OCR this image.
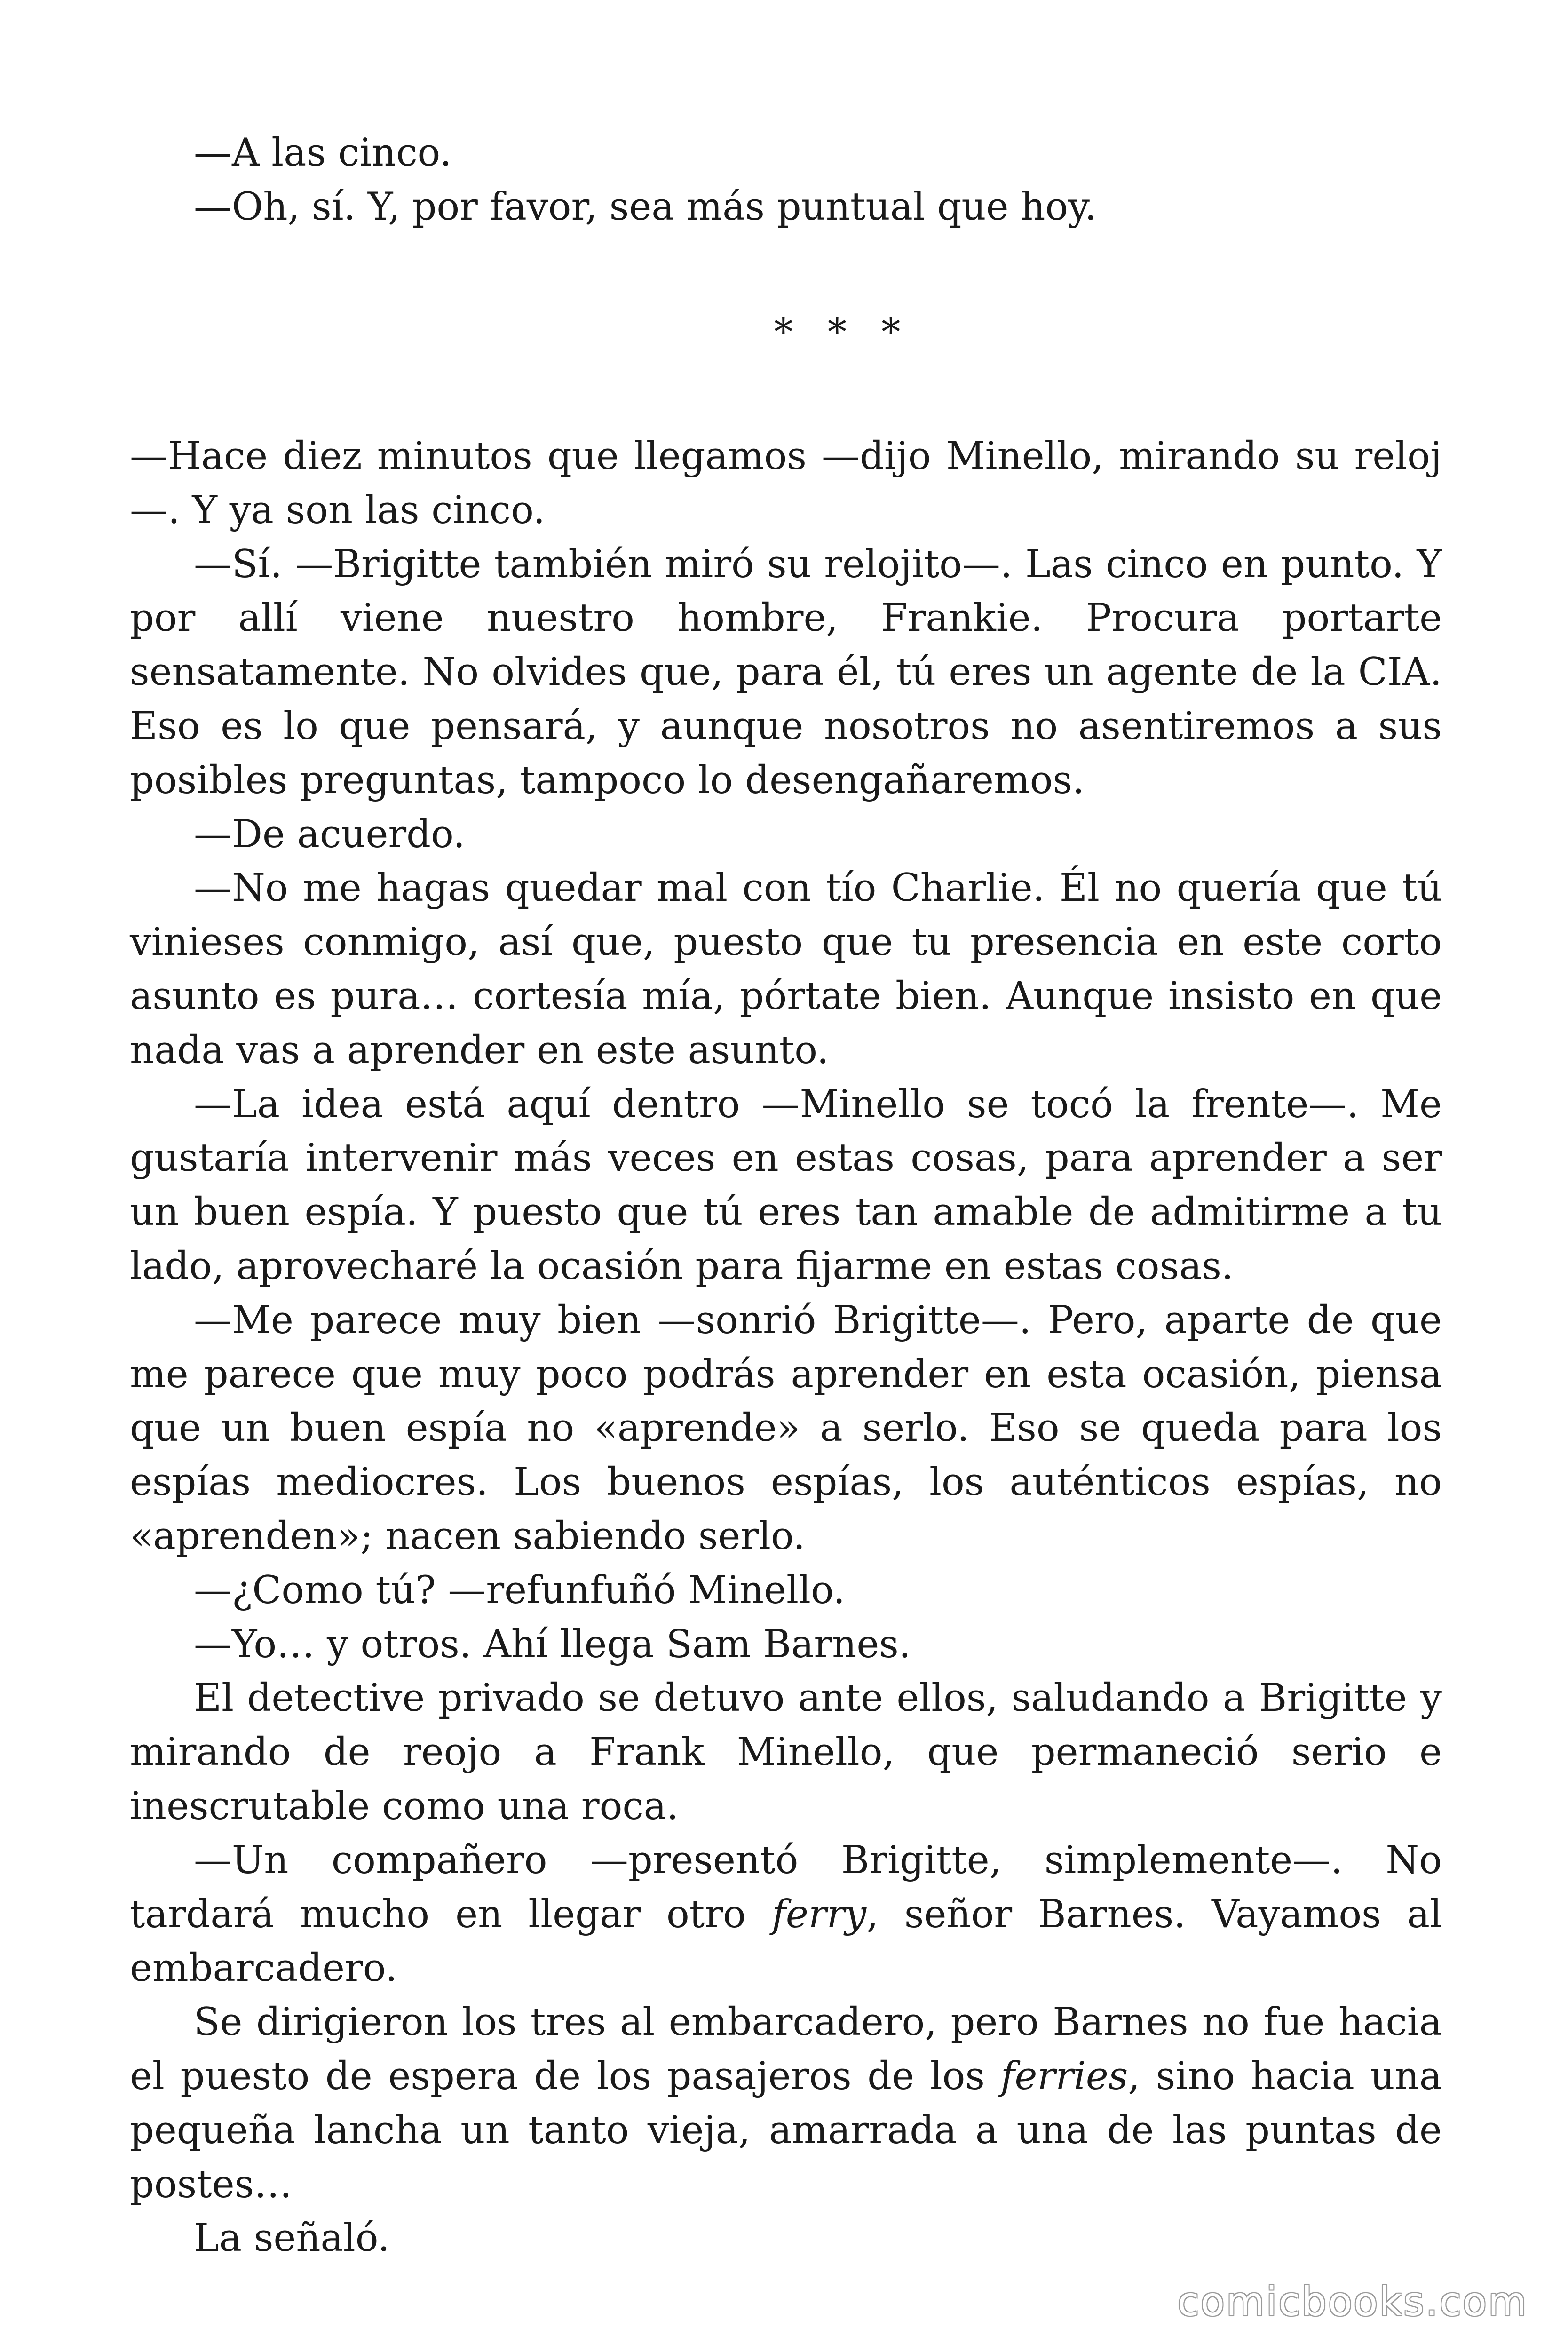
—A las cinco.

—Oh, sí. Y, por favor, sea más puntual que hoy.

* * *

—Hace diez minutos que llegamos —dijo Minello, mirando su reloj —. Y ya son las cinco.

—Sí. —Brigitte también miró su relojito—. Las cinco en punto. Y por allí viene nuestro hombre, Frankie. Procura portarte sensatamente. No olvides que, para él, tú eres un agente de la CIA. Eso es lo que pensará, y aunque nosotros no asentiremos a sus posibles preguntas, tampoco lo desengañaremos.

—De acuerdo.

—No me hagas quedar mal con tío Charlie. Él no quería que tú vinieses conmigo, así que, puesto que tu presencia en este corto asunto es pura… cortesía mía, pórtate bien. Aunque insisto en que nada vas a aprender en este asunto.

—La idea está aquí dentro —Minello se tocó la frente—. Me gustaría intervenir más veces en estas cosas, para aprender a ser un buen espía. Y puesto que tú eres tan amable de admitirme a tu lado, aprovecharé la ocasión para fijarme en estas cosas.

—Me parece muy bien —sonrió Brigitte—. Pero, aparte de que me parece que muy poco podrás aprender en esta ocasión, piensa que un buen espía no «aprende» a serlo. Eso se queda para los espías mediocres. Los buenos espías, los auténticos espías, no «aprenden»; nacen sabiendo serlo.

—¿Como tú? —refunfuñó Minello.

—Yo… y otros. Ahí llega Sam Barnes.

El detective privado se detuvo ante ellos, saludando a Brigitte y mirando de reojo a Frank Minello, que permaneció serio e inescrutable como una roca.

—Un compañero —presentó Brigitte, simplemente—. No tardará mucho en llegar otro ferry, señor Barnes. Vayamos al embarcadero.

Se dirigieron los tres al embarcadero, pero Barnes no fue hacia el puesto de espera de los pasajeros de los ferries, sino hacia una pequeña lancha un tanto vieja, amarrada a una de las puntas de postes…

La señaló.

comicbooks.com
